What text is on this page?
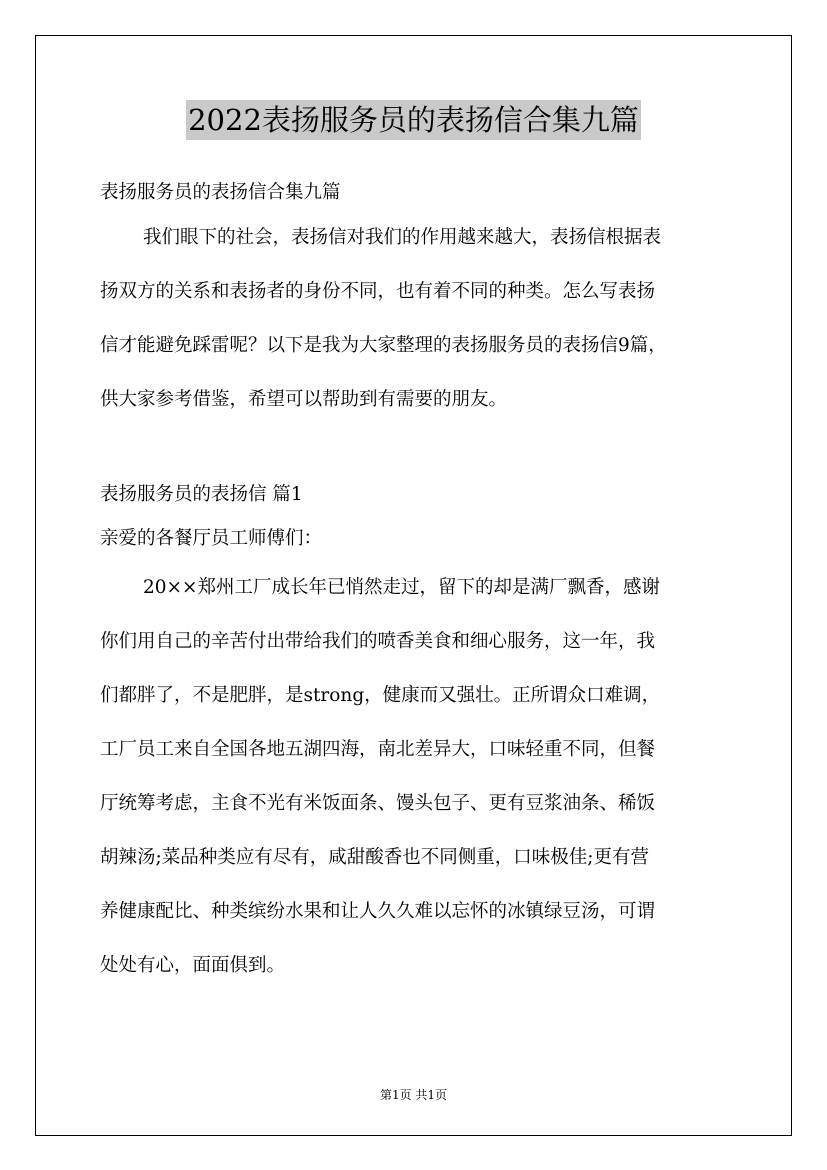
2022表扬服务员的表扬信合集九篇
表扬服务员的表扬信合集九篇
我们眼下的社会，表扬信对我们的作用越来越大，表扬信根据表
扬双方的关系和表扬者的身份不同，也有着不同的种类。怎么写表扬
信才能避免踩雷呢？以下是我为大家整理的表扬服务员的表扬信9篇，
供大家参考借鉴，希望可以帮助到有需要的朋友。
表扬服务员的表扬信 篇1
亲爱的各餐厅员工师傅们：
20××郑州工厂成长年已悄然走过，留下的却是满厂飘香，感谢
你们用自己的辛苦付出带给我们的喷香美食和细心服务，这一年，我
们都胖了，不是肥胖，是strong，健康而又强壮。正所谓众口难调，
工厂员工来自全国各地五湖四海，南北差异大，口味轻重不同，但餐
厅统筹考虑，主食不光有米饭面条、馒头包子、更有豆浆油条、稀饭
胡辣汤;菜品种类应有尽有，咸甜酸香也不同侧重，口味极佳;更有营
养健康配比、种类缤纷水果和让人久久难以忘怀的冰镇绿豆汤，可谓
处处有心，面面俱到。
第1页 共1页
